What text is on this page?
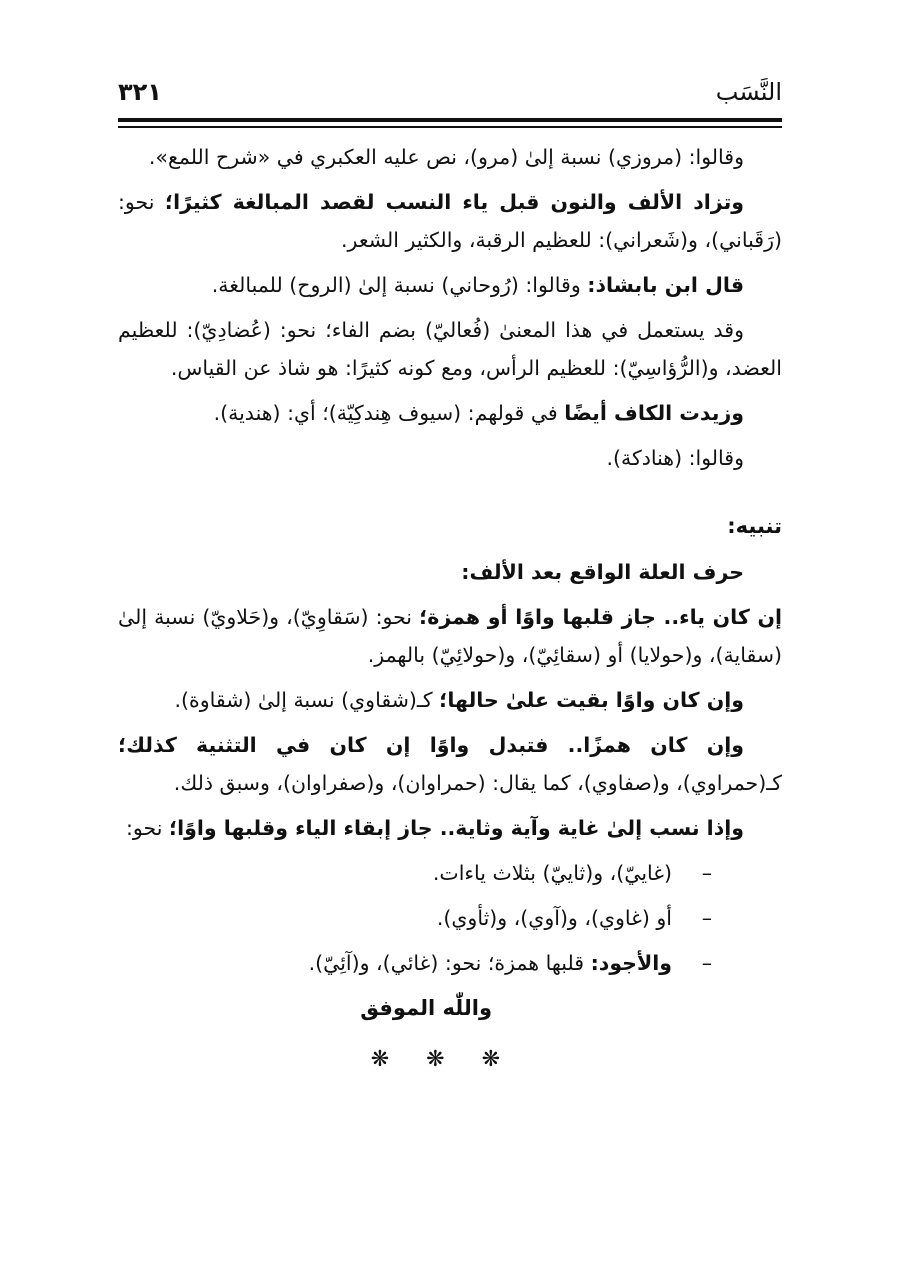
النَّسَب
٣٢١

وقالوا: (مروزي) نسبة إلىٰ (مرو)، نص عليه العكبري في «شرح اللمع».

وتزاد الألف والنون قبل ياء النسب لقصد المبالغة كثيرًا؛ نحو: (رَقَباني)، و(شَعراني): للعظيم الرقبة، والكثير الشعر.

قال ابن بابشاذ: وقالوا: (رُوحاني) نسبة إلىٰ (الروح) للمبالغة.

وقد يستعمل في هذا المعنىٰ (فُعاليّ) بضم الفاء؛ نحو: (عُضادِيّ): للعظيم العضد، و(الرُّؤاسِيّ): للعظيم الرأس، ومع كونه كثيرًا: هو شاذ عن القياس.

وزيدت الكاف أيضًا في قولهم: (سيوف هِندكِيّة)؛ أي: (هندية).

وقالوا: (هنادكة).

تنبيه:

حرف العلة الواقع بعد الألف:

إن كان ياء.. جاز قلبها واوًا أو همزة؛ نحو: (سَقاوِيّ)، و(حَلاويّ) نسبة إلىٰ (سقاية)، و(حولايا) أو (سقائِيّ)، و(حولائِيّ) بالهمز.

وإن كان واوًا بقيت علىٰ حالها؛ كـ(شقاوي) نسبة إلىٰ (شقاوة).

وإن كان همزًا.. فتبدل واوًا إن كان في التثنية كذلك؛ كـ(حمراوي)، و(صفاوي)، كما يقال: (حمراوان)، و(صفراوان)، وسبق ذلك.

وإذا نسب إلىٰ غاية وآية وثاية.. جاز إبقاء الياء وقلبها واوًا؛ نحو:

–(غاييّ)، و(ثاييّ) بثلاث ياءات.
–أو (غاوي)، و(آوي)، و(ثأوي).
–والأجود: قلبها همزة؛ نحو: (غائي)، و(آئِيّ).
واللّٰه الموفق
❋ ❋ ❋
